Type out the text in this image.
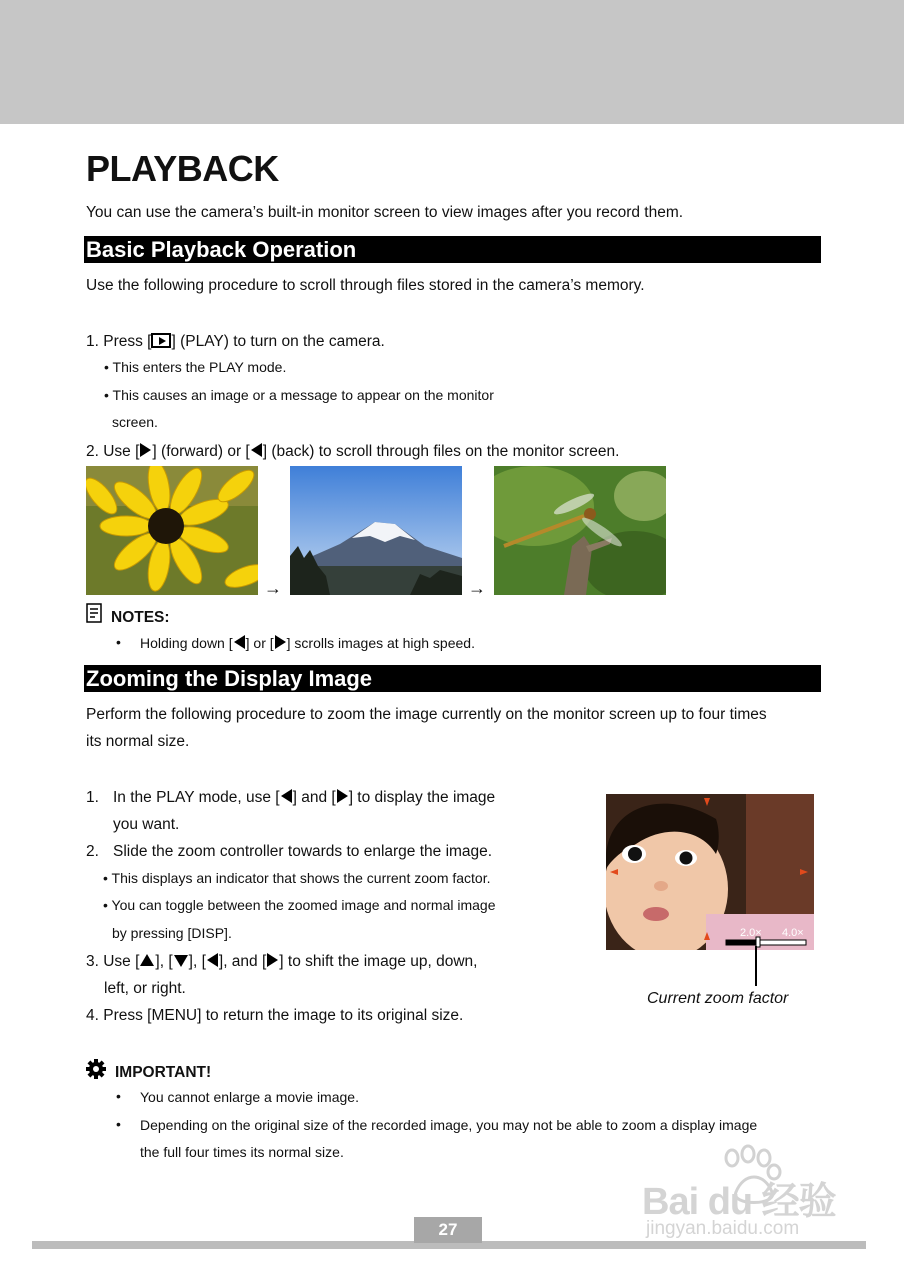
PLAYBACK
You can use the camera’s built-in monitor screen to view images after you record them.
Basic Playback Operation
Use the following procedure to scroll through files stored in the camera’s memory.
1. Press [ ] (PLAY) to turn on the camera.
• This enters the PLAY mode.
• This causes an image or a message to appear on the monitor
screen.
2. Use [ ] (forward) or [ ] (back) to scroll through files on the monitor screen.
→	→
NOTES:
• Holding down [ ] or [ ] scrolls images at high speed.
Zooming the Display Image
Perform the following procedure to zoom the image currently on the monitor screen up to four times
its normal size.
1. In the PLAY mode, use [ ] and [ ] to display the image
you want.
2. Slide the zoom controller towards to enlarge the image.
• This displays an indicator that shows the current zoom factor.
• You can toggle between the zoomed image and normal image
by pressing [DISP].
3. Use [ ], [ ], [ ], and [ ] to shift the image up, down,
left, or right.
4. Press [MENU] to return the image to its original size.
2.0× 4.0×
Current zoom factor
IMPORTANT!
• You cannot enlarge a movie image.
• Depending on the original size of the recorded image, you may not be able to zoom a display image
the full four times its normal size.
Bai du 经验
jingyan.baidu.com
27
